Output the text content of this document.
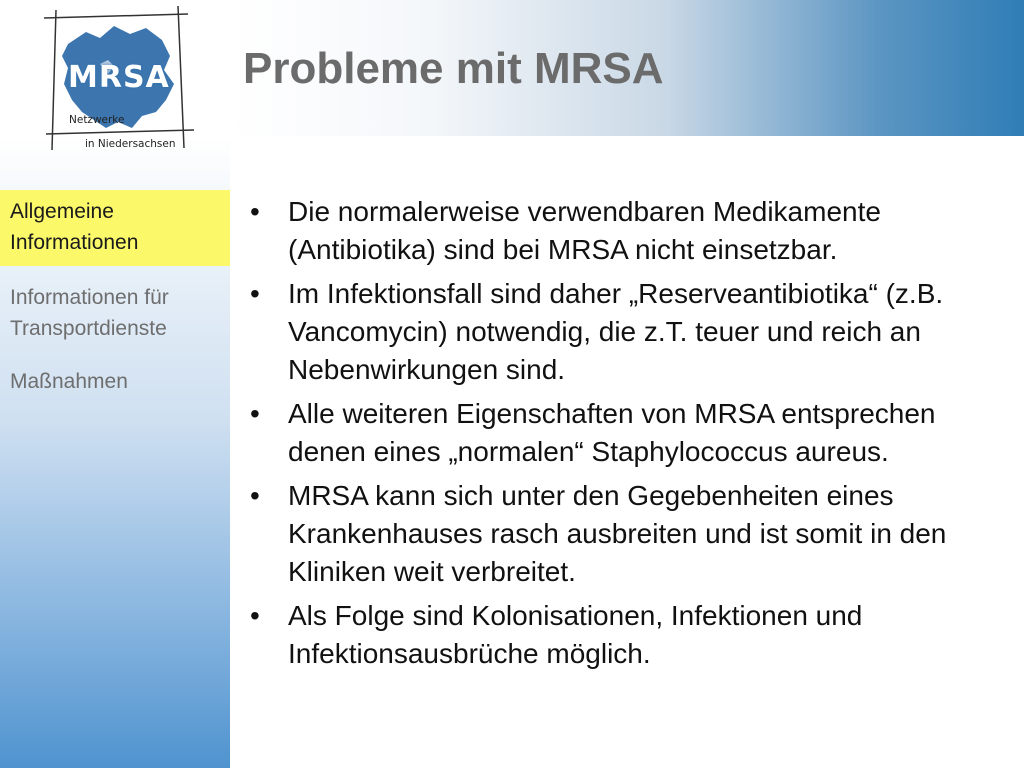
MRSA
Netzwerke
in Niedersachsen
Probleme mit MRSA
Allgemeine
Informationen
Informationen für
Transportdienste
Maßnahmen
• Die normalerweise verwendbaren Medikamente (Antibiotika) sind bei MRSA nicht einsetzbar.
• Im Infektionsfall sind daher „Reserveantibiotika“ (z.B. Vancomycin) notwendig, die z.T. teuer und reich an Nebenwirkungen sind.
• Alle weiteren Eigenschaften von MRSA entsprechen denen eines „normalen“ Staphylococcus aureus.
• MRSA kann sich unter den Gegebenheiten eines Krankenhauses rasch ausbreiten und ist somit in den Kliniken weit verbreitet.
• Als Folge sind Kolonisationen, Infektionen und Infektionsausbrüche möglich.
